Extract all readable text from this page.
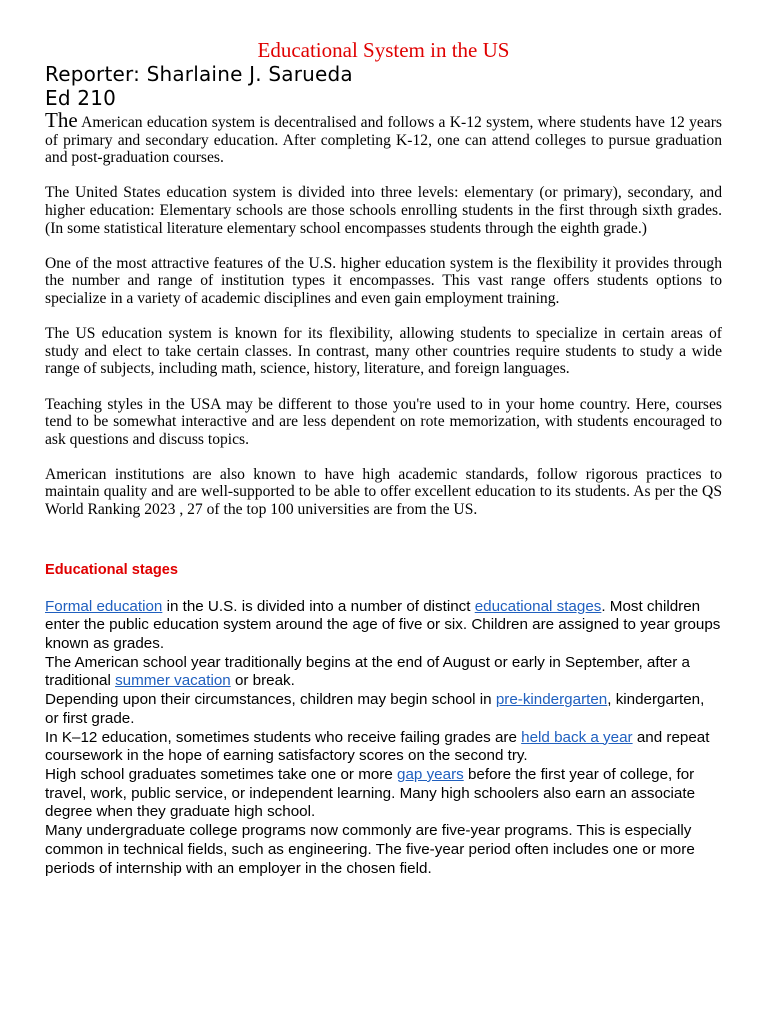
Educational System in the US
Reporter: Sharlaine J. Sarueda
Ed 210

The American education system is decentralised and follows a K-12 system, where students have 12 years of primary and secondary education. After completing K-12, one can attend colleges to pursue graduation and post-graduation courses.

The United States education system is divided into three levels: elementary (or primary), secondary, and higher education: Elementary schools are those schools enrolling students in the first through sixth grades. (In some statistical literature elementary school encompasses students through the eighth grade.)

One of the most attractive features of the U.S. higher education system is the flexibility it provides through the number and range of institution types it encompasses. This vast range offers students options to specialize in a variety of academic disciplines and even gain employment training.

The US education system is known for its flexibility, allowing students to specialize in certain areas of study and elect to take certain classes. In contrast, many other countries require students to study a wide range of subjects, including math, science, history, literature, and foreign languages.

Teaching styles in the USA may be different to those you're used to in your home country. Here, courses tend to be somewhat interactive and are less dependent on rote memorization, with students encouraged to ask questions and discuss topics.

American institutions are also known to have high academic standards, follow rigorous practices to maintain quality and are well-supported to be able to offer excellent education to its students. As per the QS World Ranking 2023 , 27 of the top 100 universities are from the US.

Educational stages

Formal education in the U.S. is divided into a number of distinct educational stages. Most children enter the public education system around the age of five or six. Children are assigned to year groups known as grades.

The American school year traditionally begins at the end of August or early in September, after a traditional summer vacation or break.

Depending upon their circumstances, children may begin school in pre-kindergarten, kindergarten, or first grade.

In K–12 education, sometimes students who receive failing grades are held back a year and repeat coursework in the hope of earning satisfactory scores on the second try.

High school graduates sometimes take one or more gap years before the first year of college, for travel, work, public service, or independent learning. Many high schoolers also earn an associate degree when they graduate high school.

Many undergraduate college programs now commonly are five-year programs. This is especially common in technical fields, such as engineering. The five-year period often includes one or more periods of internship with an employer in the chosen field.
